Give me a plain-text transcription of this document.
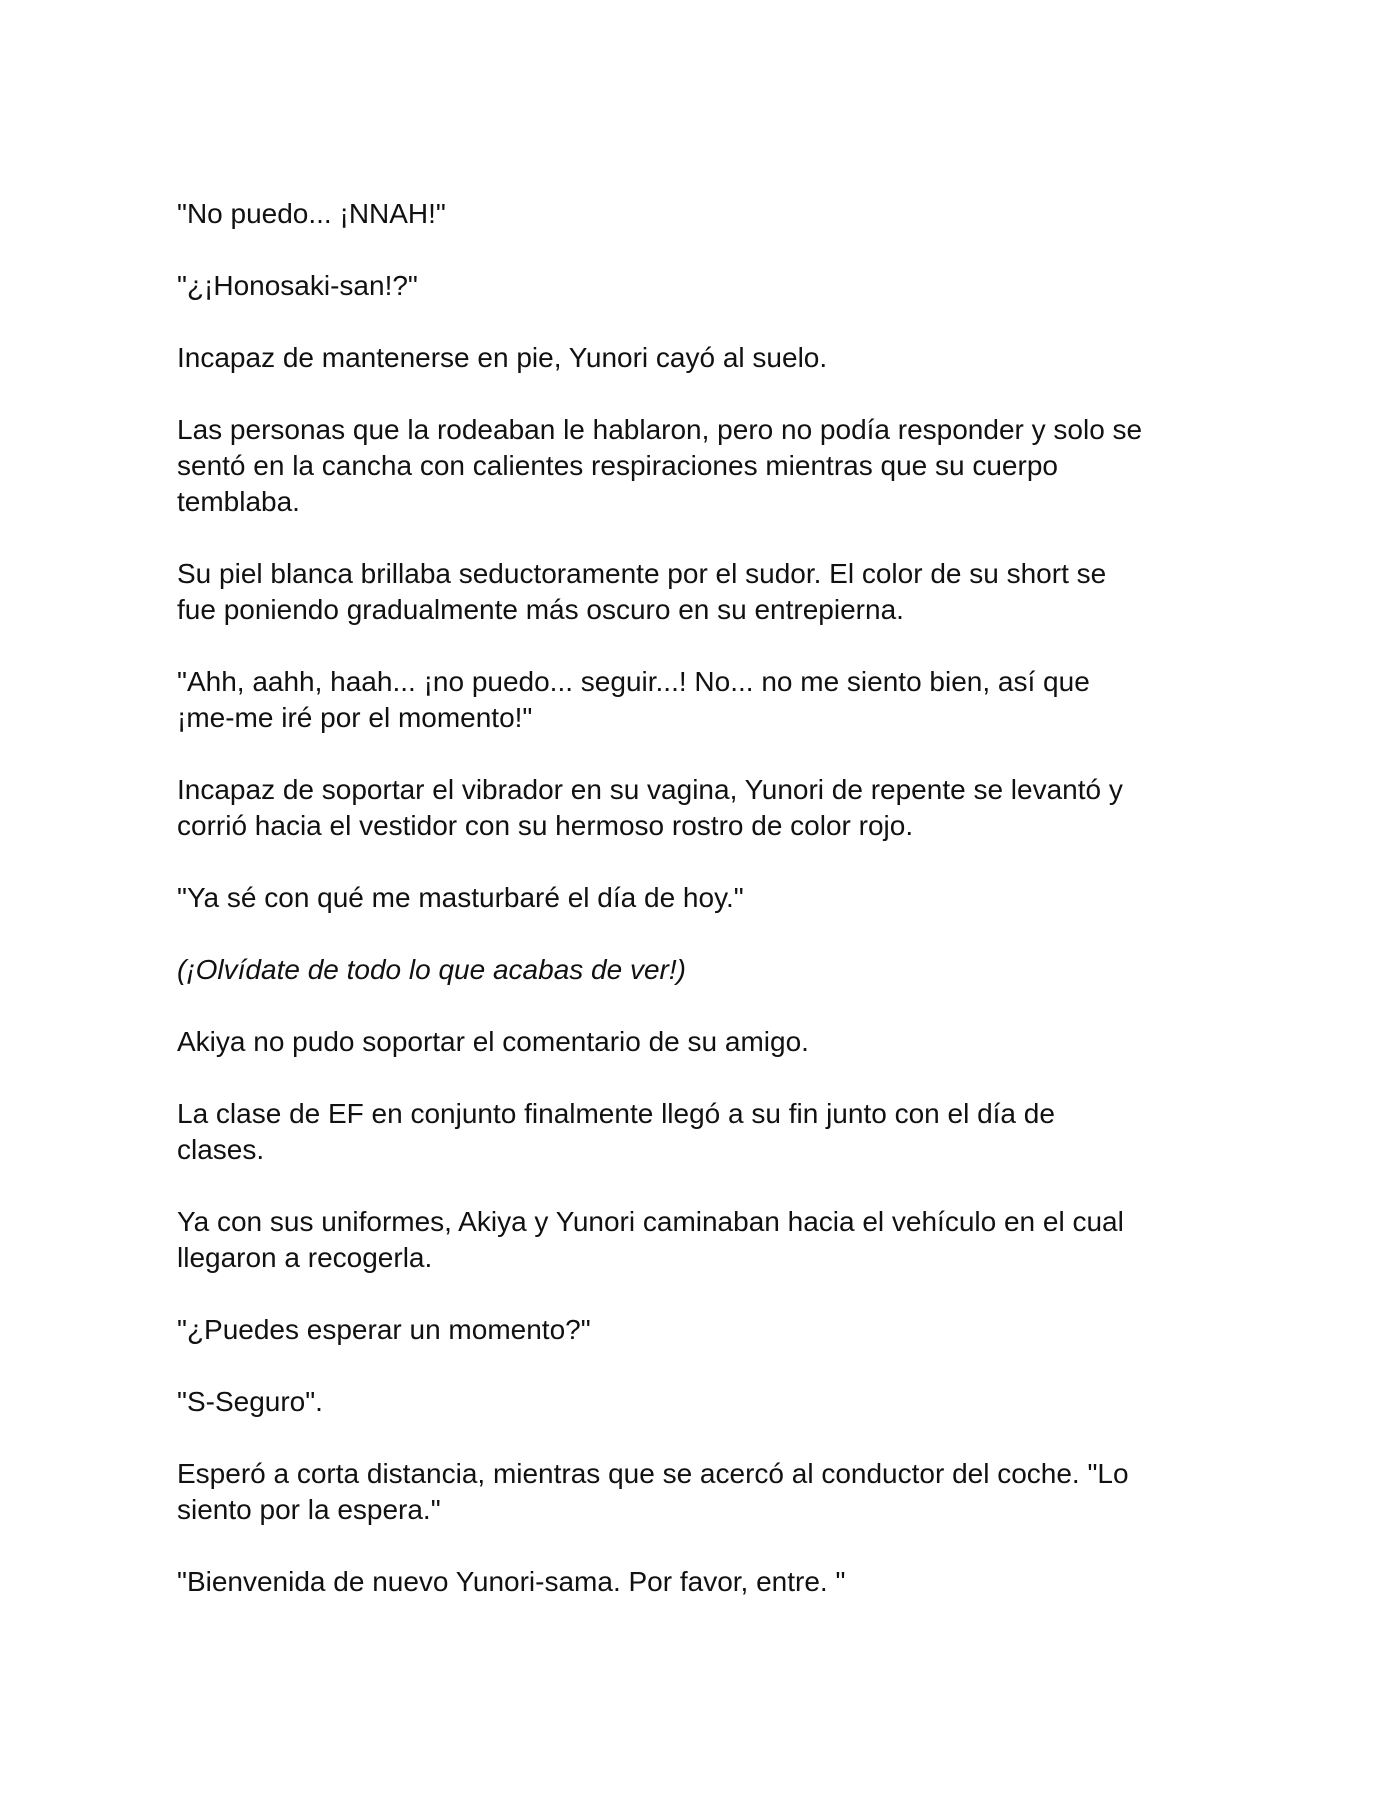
"No puedo... ¡NNAH!"

"¿¡Honosaki-san!?"

Incapaz de mantenerse en pie, Yunori cayó al suelo.

Las personas que la rodeaban le hablaron, pero no podía responder y solo se
sentó en la cancha con calientes respiraciones mientras que su cuerpo
temblaba.

Su piel blanca brillaba seductoramente por el sudor. El color de su short se
fue poniendo gradualmente más oscuro en su entrepierna.

"Ahh, aahh, haah... ¡no puedo... seguir...! No... no me siento bien, así que
¡me-me iré por el momento!"

Incapaz de soportar el vibrador en su vagina, Yunori de repente se levantó y
corrió hacia el vestidor con su hermoso rostro de color rojo.

"Ya sé con qué me masturbaré el día de hoy."

(¡Olvídate de todo lo que acabas de ver!)

Akiya no pudo soportar el comentario de su amigo.

La clase de EF en conjunto finalmente llegó a su fin junto con el día de
clases.

Ya con sus uniformes, Akiya y Yunori caminaban hacia el vehículo en el cual
llegaron a recogerla.

"¿Puedes esperar un momento?"

"S-Seguro".

Esperó a corta distancia, mientras que se acercó al conductor del coche. "Lo
siento por la espera."

"Bienvenida de nuevo Yunori-sama. Por favor, entre. "
